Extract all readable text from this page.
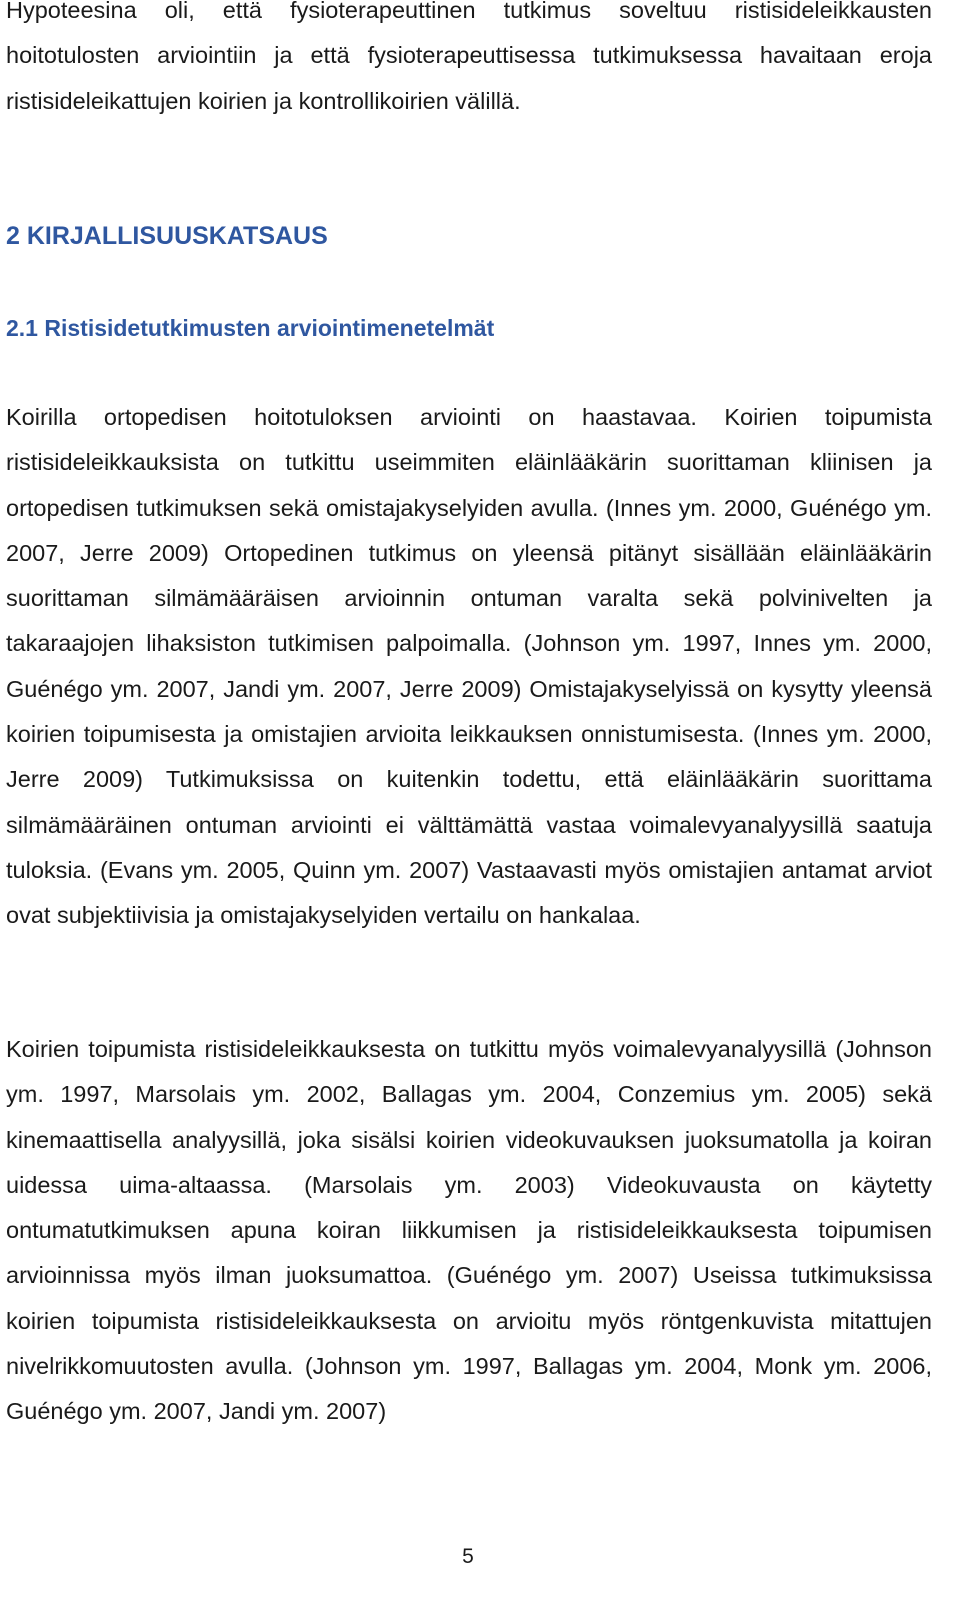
Hypoteesina oli, että fysioterapeuttinen tutkimus soveltuu ristisideleikkausten hoitotulosten arviointiin ja että fysioterapeuttisessa tutkimuksessa havaitaan eroja ristisideleikattujen koirien ja kontrollikoirien välillä.

2 KIRJALLISUUSKATSAUS
2.1 Ristisidetutkimusten arviointimenetelmät

Koirilla ortopedisen hoitotuloksen arviointi on haastavaa. Koirien toipumista ristisideleikkauksista on tutkittu useimmiten eläinlääkärin suorittaman kliinisen ja ortopedisen tutkimuksen sekä omistajakyselyiden avulla. (Innes ym. 2000, Guénégo ym. 2007, Jerre 2009) Ortopedinen tutkimus on yleensä pitänyt sisällään eläinlääkärin suorittaman silmämääräisen arvioinnin ontuman varalta sekä polvinivelten ja takaraajojen lihaksiston tutkimisen palpoimalla. (Johnson ym. 1997, Innes ym. 2000, Guénégo ym. 2007, Jandi ym. 2007, Jerre 2009) Omistajakyselyissä on kysytty yleensä koirien toipumisesta ja omistajien arvioita leikkauksen onnistumisesta. (Innes ym. 2000, Jerre 2009) Tutkimuksissa on kuitenkin todettu, että eläinlääkärin suorittama silmämääräinen ontuman arviointi ei välttämättä vastaa voimalevyanalyysillä saatuja tuloksia. (Evans ym. 2005, Quinn ym. 2007) Vastaavasti myös omistajien antamat arviot ovat subjektiivisia ja omistajakyselyiden vertailu on hankalaa.

Koirien toipumista ristisideleikkauksesta on tutkittu myös voimalevyanalyysillä (Johnson ym. 1997, Marsolais ym. 2002, Ballagas ym. 2004, Conzemius ym. 2005) sekä kinemaattisella analyysillä, joka sisälsi koirien videokuvauksen juoksumatolla ja koiran uidessa uima-altaassa. (Marsolais ym. 2003) Videokuvausta on käytetty ontumatutkimuksen apuna koiran liikkumisen ja ristisideleikkauksesta toipumisen arvioinnissa myös ilman juoksumattoa. (Guénégo ym. 2007) Useissa tutkimuksissa koirien toipumista ristisideleikkauksesta on arvioitu myös röntgenkuvista mitattujen nivelrikkomuutosten avulla. (Johnson ym. 1997, Ballagas ym. 2004, Monk ym. 2006, Guénégo ym. 2007, Jandi ym. 2007)

5
